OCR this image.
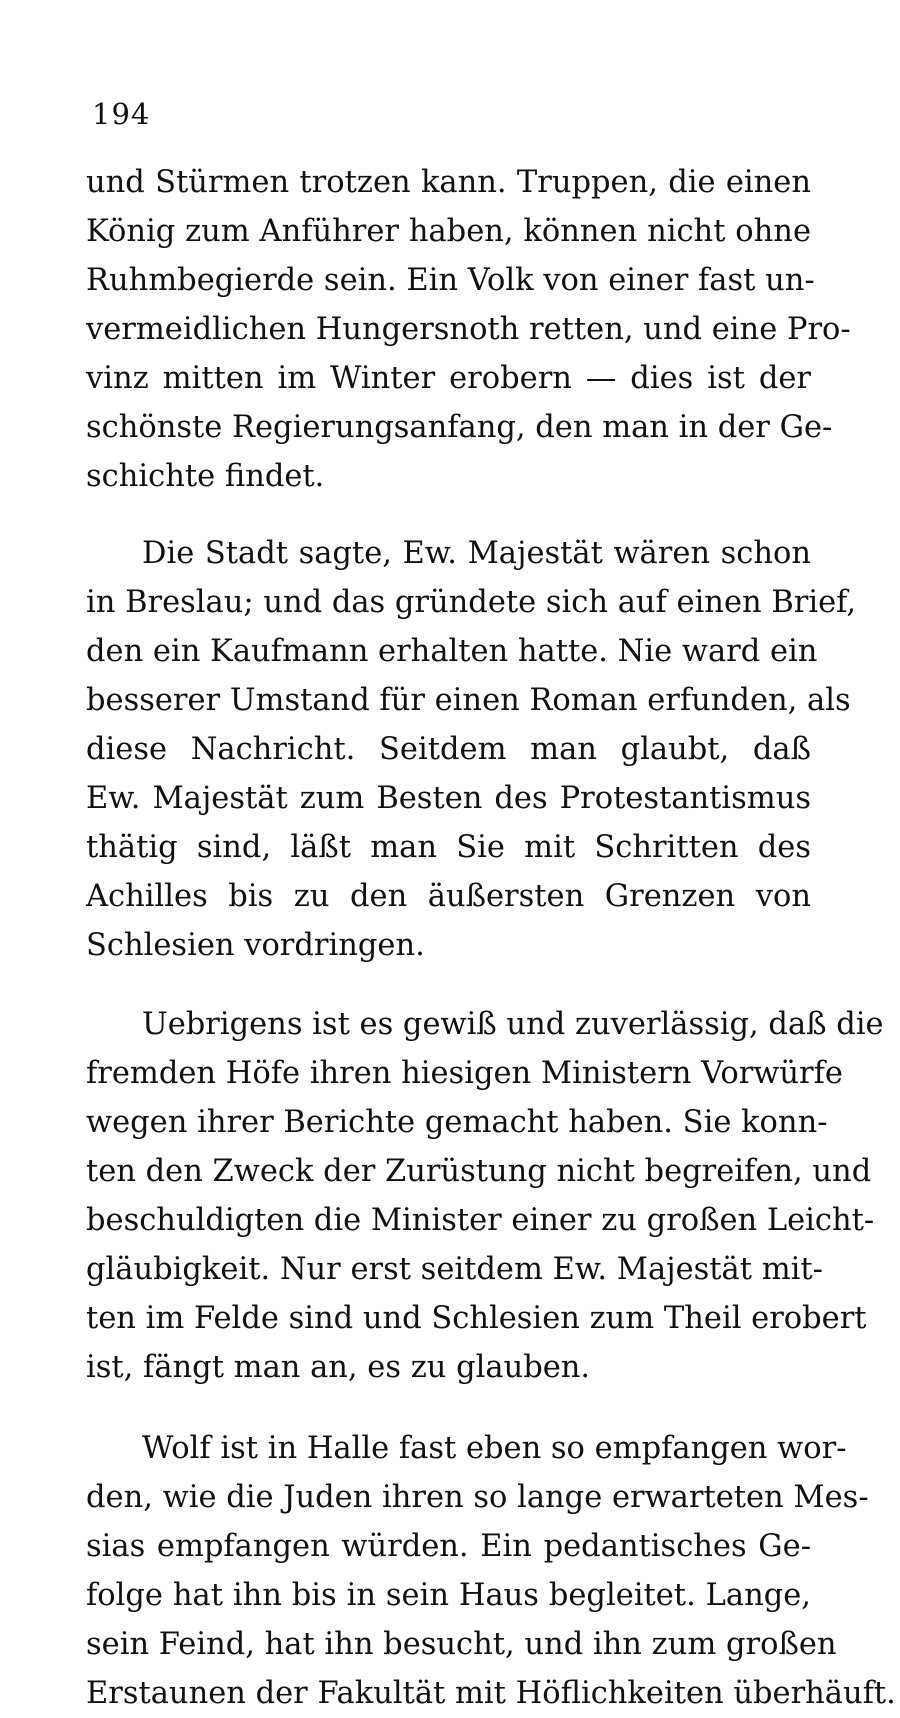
194
und Stürmen trotzen kann. Truppen, die einen
König zum Anführer haben, können nicht ohne
Ruhmbegierde sein. Ein Volk von einer fast un-
vermeidlichen Hungersnoth retten, und eine Pro-
vinz mitten im Winter erobern — dies ist der
schönste Regierungsanfang, den man in der Ge-
schichte findet.
Die Stadt sagte, Ew. Majestät wären schon
in Breslau; und das gründete sich auf einen Brief,
den ein Kaufmann erhalten hatte. Nie ward ein
besserer Umstand für einen Roman erfunden, als
diese Nachricht. Seitdem man glaubt, daß
Ew. Majestät zum Besten des Protestantismus
thätig sind, läßt man Sie mit Schritten des
Achilles bis zu den äußersten Grenzen von
Schlesien vordringen.
Uebrigens ist es gewiß und zuverlässig, daß die
fremden Höfe ihren hiesigen Ministern Vorwürfe
wegen ihrer Berichte gemacht haben. Sie konn-
ten den Zweck der Zurüstung nicht begreifen, und
beschuldigten die Minister einer zu großen Leicht-
gläubigkeit. Nur erst seitdem Ew. Majestät mit-
ten im Felde sind und Schlesien zum Theil erobert
ist, fängt man an, es zu glauben.
Wolf ist in Halle fast eben so empfangen wor-
den, wie die Juden ihren so lange erwarteten Mes-
sias empfangen würden. Ein pedantisches Ge-
folge hat ihn bis in sein Haus begleitet. Lange,
sein Feind, hat ihn besucht, und ihn zum großen
Erstaunen der Fakultät mit Höflichkeiten überhäuft.
